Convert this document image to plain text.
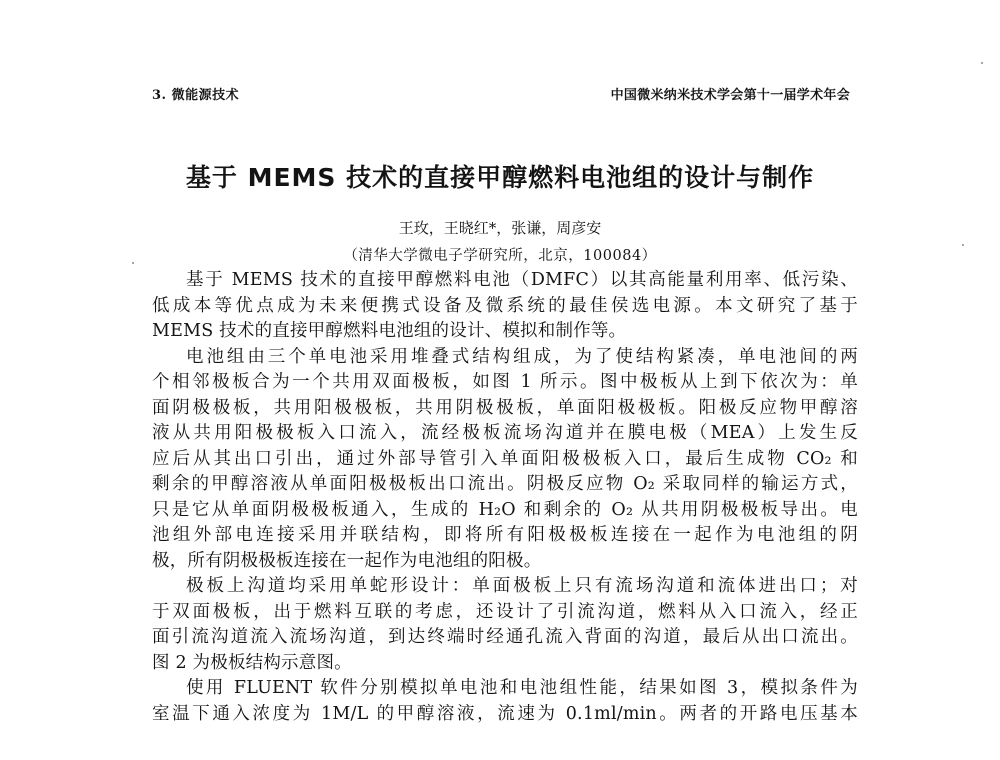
3. 微能源技术	中国微米纳米技术学会第十一届学术年会
基于 MEMS 技术的直接甲醇燃料电池组的设计与制作
王玫，王晓红*，张谦，周彦安
（清华大学微电子学研究所，北京，100084）
基于 MEMS 技术的直接甲醇燃料电池（DMFC）以其高能量利用率、低污染、
低成本等优点成为未来便携式设备及微系统的最佳侯选电源。本文研究了基于
MEMS 技术的直接甲醇燃料电池组的设计、模拟和制作等。
电池组由三个单电池采用堆叠式结构组成，为了使结构紧凑，单电池间的两
个相邻极板合为一个共用双面极板，如图 1 所示。图中极板从上到下依次为：单
面阴极极板，共用阳极极板，共用阴极极板，单面阳极极板。阳极反应物甲醇溶
液从共用阳极极板入口流入，流经极板流场沟道并在膜电极（MEA）上发生反
应后从其出口引出，通过外部导管引入单面阳极极板入口，最后生成物 CO₂ 和
剩余的甲醇溶液从单面阳极极板出口流出。阴极反应物 O₂ 采取同样的输运方式，
只是它从单面阴极极板通入，生成的 H₂O 和剩余的 O₂ 从共用阴极极板导出。电
池组外部电连接采用并联结构，即将所有阳极极板连接在一起作为电池组的阴
极，所有阴极极板连接在一起作为电池组的阳极。
极板上沟道均采用单蛇形设计：单面极板上只有流场沟道和流体进出口；对
于双面极板，出于燃料互联的考虑，还设计了引流沟道，燃料从入口流入，经正
面引流沟道流入流场沟道，到达终端时经通孔流入背面的沟道，最后从出口流出。
图 2 为极板结构示意图。
使用 FLUENT 软件分别模拟单电池和电池组性能，结果如图 3，模拟条件为
室温下通入浓度为 1M/L 的甲醇溶液，流速为 0.1ml/min。两者的开路电压基本
